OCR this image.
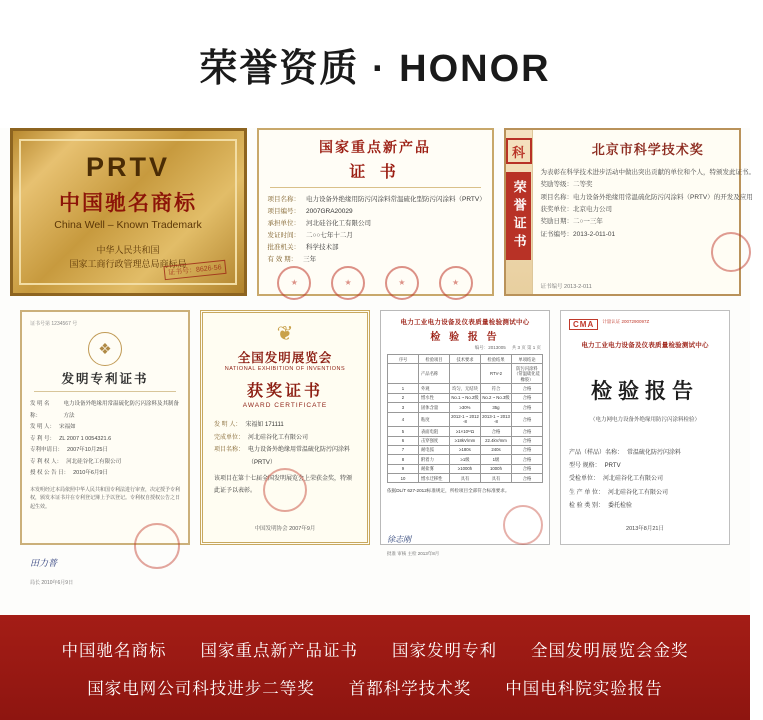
荣誉资质 · HONOR
PRTV
中国驰名商标
China Well – Known Trademark
中华人民共和国
国家工商行政管理总局商标局
证书号：8626·56
国家重点新产品
证 书
项目名称： 电力设备外绝缘用防污闪涂料常温硫化型防污闪涂料（PRTV）
项目编号： 2007GRA20029
承担单位： 河北硅谷化工有限公司
发证时间： 二○○七年十二月
批准机关： 科学技术部
有 效 期： 三年
★
★
★
★
科
荣誉证书
北京市科学技术奖
为表彰在科学技术进步活动中做出突出贡献的单位和个人，特颁发此证书。
奖励等级：二等奖
项目名称：电力设备外绝缘用常温硫化防污闪涂料（PRTV）的开发及应用
获奖单位：北京电力公司
奖励日期：二○一三年
证书编号：2013-2-011-01
证书编号 2013-2-011
证书号第 1234567 号
❖
发明专利证书
发 明 名 称：
电力设备外绝缘用常温硫化防污闪涂料及其制备方法
发 明 人： 宋福如
专 利 号： ZL 2007 1 0054321.6
专利申请日： 2007年10月25日
专 利 权 人： 河北硅谷化工有限公司
授 权 公 告 日： 2010年6月9日
本发明经过本局依照中华人民共和国专利法进行审查，决定授予专利权，颁发本证书并在专利登记簿上予以登记。专利权自授权公告之日起生效。
田力普
局长 2010年6月9日
❦
全国发明展览会
NATIONAL EXHIBITION OF INVENTIONS
获奖证书
AWARD CERTIFICATE
发 明 人： 宋福如 171111
完成单位： 河北硅谷化工有限公司
项目名称： 电力设备外绝缘用常温硫化防污闪涂料（PRTV）
该项目在第十七届全国发明展览会上荣获金奖，特颁此证予以表彰。
中国发明协会 2007年9月
电力工业电力设备及仪表质量检验测试中心
检 验 报 告
编号：2013005 共 3 页 第 1 页
序号	检验项目	技术要求	检验结果	单项结论
	产品名称		RTV-2	防污闪涂料（常温硫化硅橡胶）
1	外观	均匀、无结块	符合	合格
2	憎水性	No.1 ~ No.2级	No.2 ~ No.3级	合格
3	固体含量	≥30%	35g	合格
4	粘度	2012-1 ~ 2012-8	2013-1 ~ 2013-8	合格
5	表面电阻	≥1×10¹²Ω	合格	合格
6	击穿强度	≥18kV/mm	22.4kV/mm	合格
7	耐电弧	≥180s	240s	合格
8	附着力	≥1级	1级	合格
9	耐盐雾	≥1000h	1000h	合格
10	憎水迁移性	具有	具有	合格
依据DL/T 627-2012标准规定，所检项目全部符合标准要求。
徐志刚
批准 审核 主检 2013年8月
CMA	计量认证 2007290097Z
电力工业电力设备及仪表质量检验测试中心
检验报告
（电力网电力设备外绝缘用防污闪涂料检验）
产品（样品）名称： 常温硫化防污闪涂料
型号 规格： PRTV
受检单位： 河北硅谷化工有限公司
生 产 单 位： 河北硅谷化工有限公司
检 验 类 别： 委托检验
2013年8月21日
中国驰名商标 国家重点新产品证书 国家发明专利 全国发明展览会金奖
国家电网公司科技进步二等奖 首都科学技术奖 中国电科院实验报告
